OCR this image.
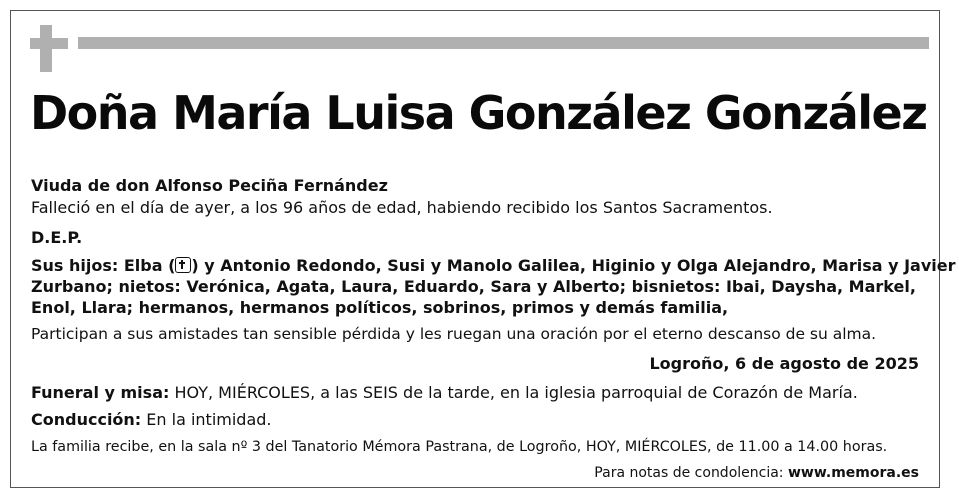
Doña María Luisa González González
Viuda de don Alfonso Peciña Fernández
Falleció en el día de ayer, a los 96 años de edad, habiendo recibido los Santos Sacramentos.
D.E.P.
Sus hijos: Elba ( ) y Antonio Redondo, Susi y Manolo Galilea, Higinio y Olga Alejandro, Marisa y Javier
Zurbano; nietos: Verónica, Agata, Laura, Eduardo, Sara y Alberto; bisnietos: Ibai, Daysha, Markel,
Enol, Llara; hermanos, hermanos políticos, sobrinos, primos y demás familia,
Participan a sus amistades tan sensible pérdida y les ruegan una oración por el eterno descanso de su alma.
Logroño, 6 de agosto de 2025
Funeral y misa: HOY, MIÉRCOLES, a las SEIS de la tarde, en la iglesia parroquial de Corazón de María.
Conducción: En la intimidad.
La familia recibe, en la sala nº 3 del Tanatorio Mémora Pastrana, de Logroño, HOY, MIÉRCOLES, de 11.00 a 14.00 horas.
Para notas de condolencia: www.memora.es
